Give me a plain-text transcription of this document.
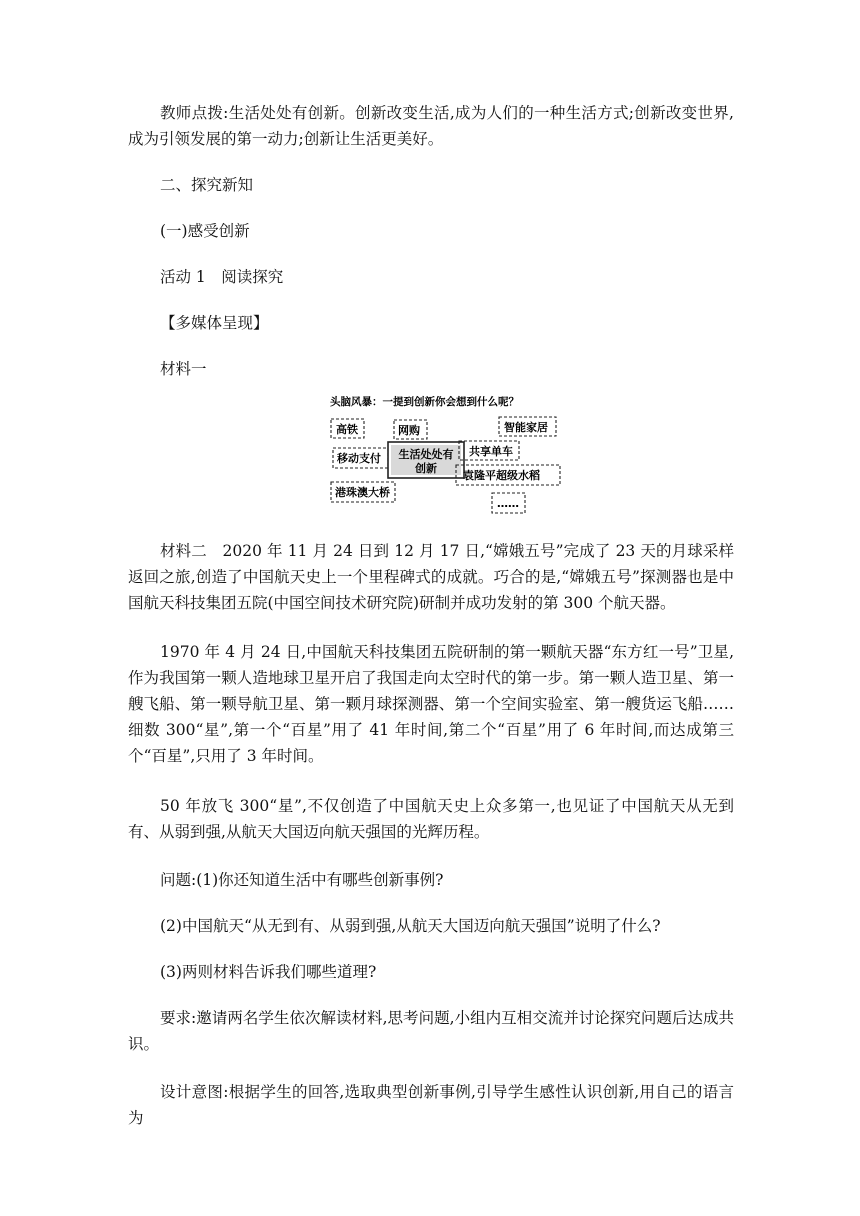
教师点拨:生活处处有创新。创新改变生活,成为人们的一种生活方式;创新改变世界,成为引领发展的第一动力;创新让生活更美好。

二、探究新知

(一)感受创新

活动 1　阅读探究

【多媒体呈现】

材料一

头脑风暴：一提到创新你会想到什么呢？
高铁	网购	智能家居
移动支付 生活处处有
创新
共享单车
袁隆平超级水稻
港珠澳大桥
……

材料二　2020 年 11 月 24 日到 12 月 17 日,“嫦娥五号”完成了 23 天的月球采样返回之旅,创造了中国航天史上一个里程碑式的成就。巧合的是,“嫦娥五号”探测器也是中国航天科技集团五院(中国空间技术研究院)研制并成功发射的第 300 个航天器。

1970 年 4 月 24 日,中国航天科技集团五院研制的第一颗航天器“东方红一号”卫星,作为我国第一颗人造地球卫星开启了我国走向太空时代的第一步。第一颗人造卫星、第一艘飞船、第一颗导航卫星、第一颗月球探测器、第一个空间实验室、第一艘货运飞船……细数 300“星”,第一个“百星”用了 41 年时间,第二个“百星”用了 6 年时间,而达成第三个“百星”,只用了 3 年时间。

50 年放飞 300“星”,不仅创造了中国航天史上众多第一,也见证了中国航天从无到有、从弱到强,从航天大国迈向航天强国的光辉历程。

问题:(1)你还知道生活中有哪些创新事例?

(2)中国航天“从无到有、从弱到强,从航天大国迈向航天强国”说明了什么?

(3)两则材料告诉我们哪些道理?

要求:邀请两名学生依次解读材料,思考问题,小组内互相交流并讨论探究问题后达成共识。

设计意图:根据学生的回答,选取典型创新事例,引导学生感性认识创新,用自己的语言为
